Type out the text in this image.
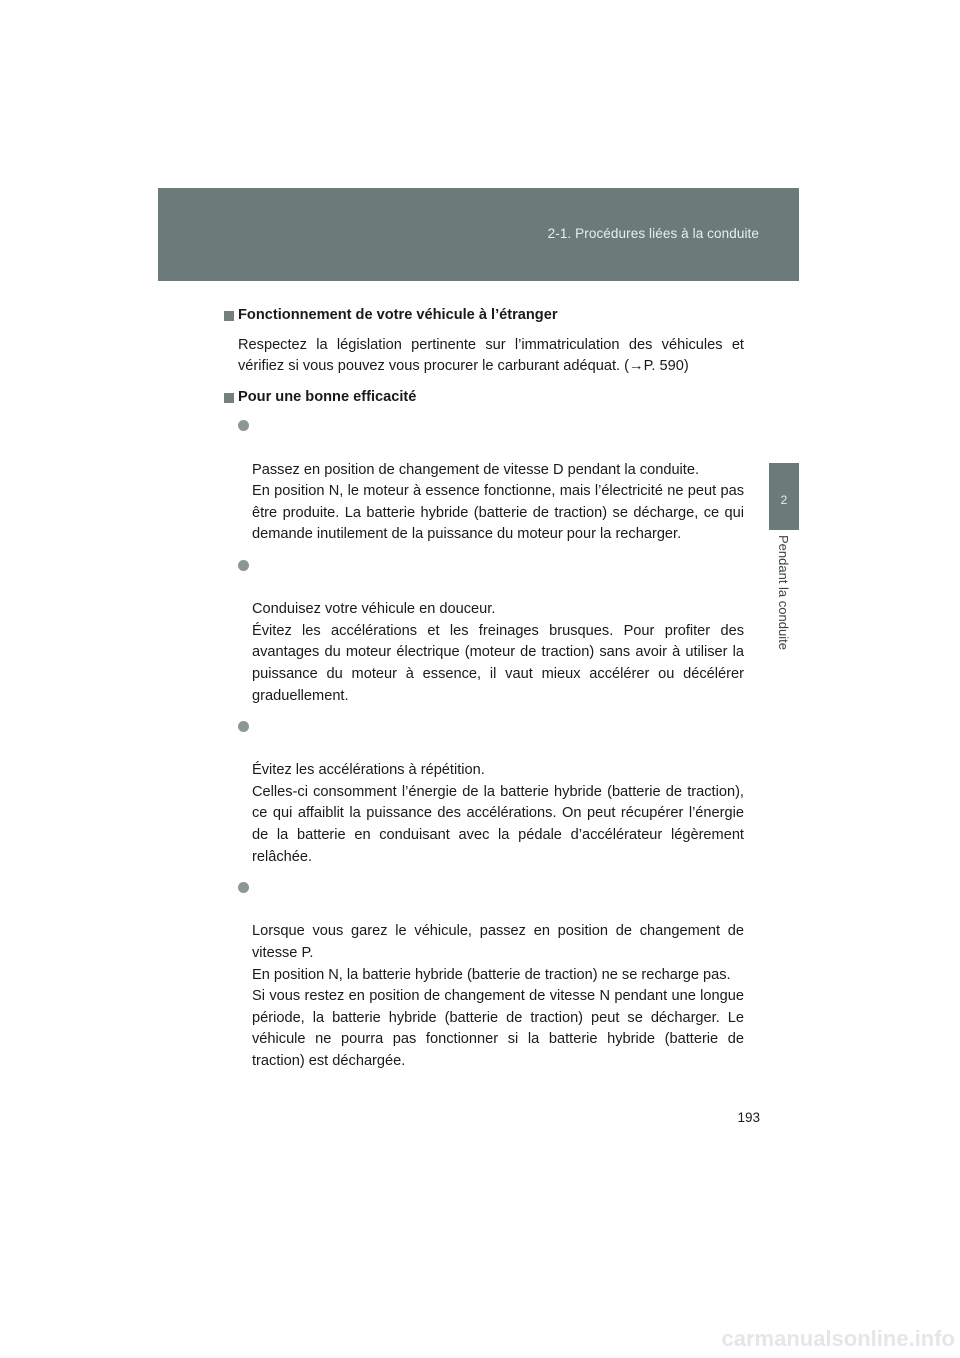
2-1. Procédures liées à la conduite
2
Pendant la conduite
Fonctionnement de votre véhicule à l’étranger

Respectez la législation pertinente sur l’immatriculation des véhicules et vérifiez si vous pouvez vous procurer le carburant adéquat. (→P. 590)

Pour une bonne efficacité

Passez en position de changement de vitesse D pendant la conduite.
En position N, le moteur à essence fonctionne, mais l’électricité ne peut pas être produite. La batterie hybride (batterie de traction) se décharge, ce qui demande inutilement de la puissance du moteur pour la recharger.

Conduisez votre véhicule en douceur.
Évitez les accélérations et les freinages brusques. Pour profiter des avantages du moteur électrique (moteur de traction) sans avoir à utiliser la puissance du moteur à essence, il vaut mieux accélérer ou décélérer graduellement.

Évitez les accélérations à répétition.
Celles-ci consomment l’énergie de la batterie hybride (batterie de traction), ce qui affaiblit la puissance des accélérations. On peut récupérer l’énergie de la batterie en conduisant avec la pédale d’accélérateur légèrement relâchée.

Lorsque vous garez le véhicule, passez en position de changement de vitesse P.
En position N, la batterie hybride (batterie de traction) ne se recharge pas.
Si vous restez en position de changement de vitesse N pendant une longue période, la batterie hybride (batterie de traction) peut se décharger. Le véhicule ne pourra pas fonctionner si la batterie hybride (batterie de traction) est déchargée.

193
carmanualsonline.info
